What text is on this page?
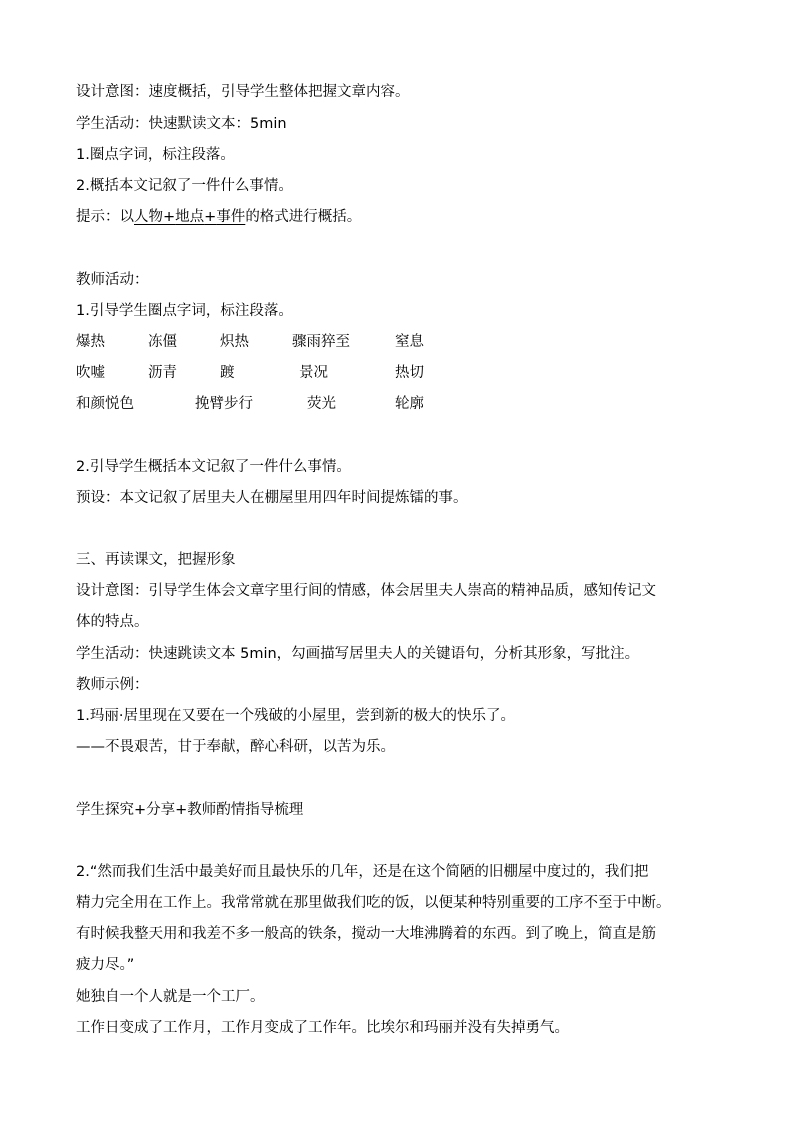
设计意图：速度概括，引导学生整体把握文章内容。
学生活动：快速默读文本：5min
1.圈点字词，标注段落。
2.概括本文记叙了一件什么事情。
提示：以人物+地点+事件的格式进行概括。
教师活动：
1.引导学生圈点字词，标注段落。
爆热	冻僵	炽热	骤雨猝至	窒息
吹嘘	沥青	踱	景况	热切
和颜悦色	挽臂步行	荧光	轮廓
2.引导学生概括本文记叙了一件什么事情。
预设：本文记叙了居里夫人在棚屋里用四年时间提炼镭的事。
三、再读课文，把握形象
设计意图：引导学生体会文章字里行间的情感，体会居里夫人崇高的精神品质，感知传记文
体的特点。
学生活动：快速跳读文本 5min，勾画描写居里夫人的关键语句，分析其形象，写批注。
教师示例：
1.玛丽·居里现在又要在一个残破的小屋里，尝到新的极大的快乐了。
——不畏艰苦，甘于奉献，醉心科研，以苦为乐。
学生探究+分享+教师酌情指导梳理
2.“然而我们生活中最美好而且最快乐的几年，还是在这个简陋的旧棚屋中度过的，我们把
精力完全用在工作上。我常常就在那里做我们吃的饭，以便某种特别重要的工序不至于中断。
有时候我整天用和我差不多一般高的铁条，搅动一大堆沸腾着的东西。到了晚上，简直是筋
疲力尽。”
她独自一个人就是一个工厂。
工作日变成了工作月，工作月变成了工作年。比埃尔和玛丽并没有失掉勇气。
